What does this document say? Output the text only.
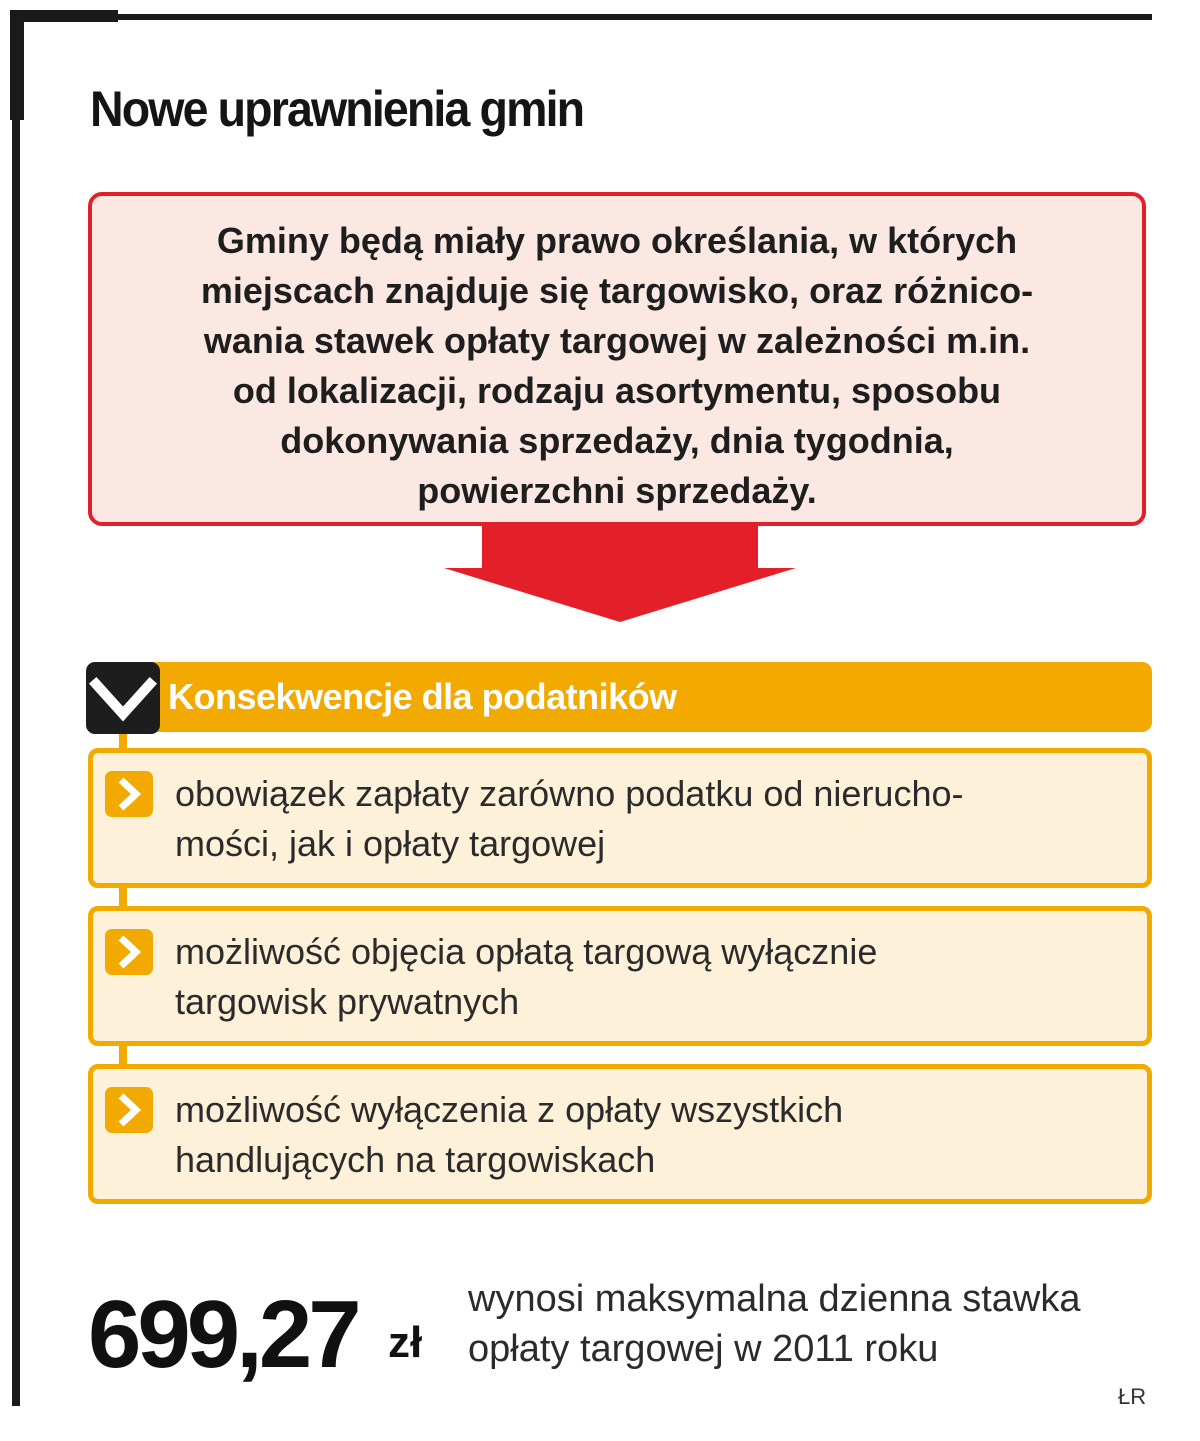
Nowe uprawnienia gmin
Gminy będą miały prawo określania, w których
miejscach znajduje się targowisko, oraz różnico-
wania stawek opłaty targowej w zależności m.in.
od lokalizacji, rodzaju asortymentu, sposobu
dokonywania sprzedaży, dnia tygodnia,
powierzchni sprzedaży.
Konsekwencje dla podatników
obowiązek zapłaty zarówno podatku od nierucho-
mości, jak i opłaty targowej
możliwość objęcia opłatą targową wyłącznie
targowisk prywatnych
możliwość wyłączenia z opłaty wszystkich
handlujących na targowiskach
699,27 zł
wynosi maksymalna dzienna stawka
opłaty targowej w 2011 roku
ŁR
